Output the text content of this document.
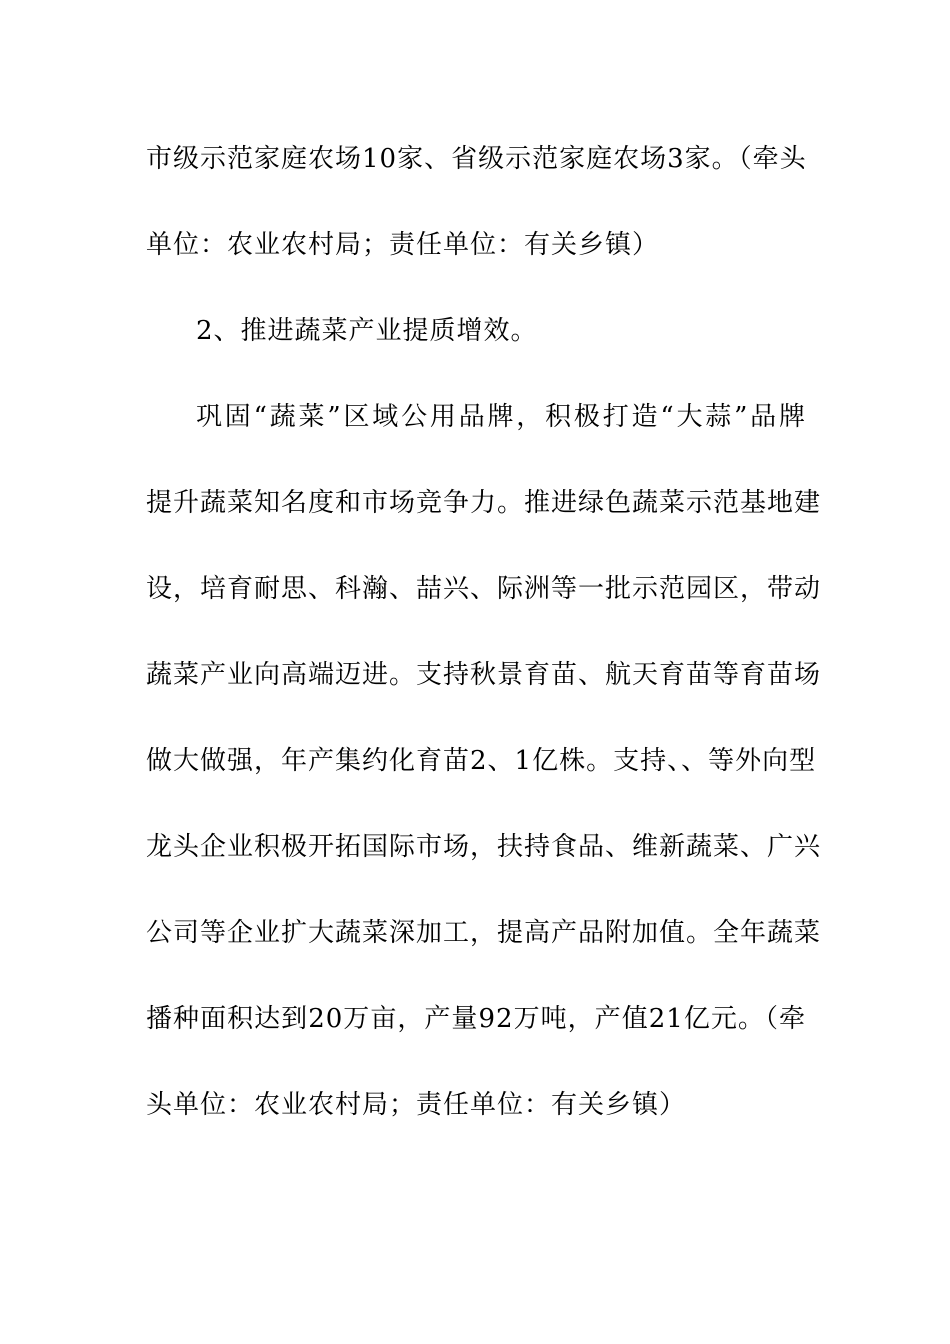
市级示范家庭农场10家、省级示范家庭农场3家。（牵头
单位：农业农村局；责任单位：有关乡镇）
2、推进蔬菜产业提质增效。
巩固“蔬菜”区域公用品牌，积极打造“大蒜”品牌
提升蔬菜知名度和市场竞争力。推进绿色蔬菜示范基地建
设，培育耐思、科瀚、喆兴、际洲等一批示范园区，带动
蔬菜产业向高端迈进。支持秋景育苗、航天育苗等育苗场
做大做强，年产集约化育苗2、1亿株。支持、、等外向型
龙头企业积极开拓国际市场，扶持食品、维新蔬菜、广兴
公司等企业扩大蔬菜深加工，提高产品附加值。全年蔬菜
播种面积达到20万亩，产量92万吨，产值21亿元。（牵
头单位：农业农村局；责任单位：有关乡镇）
